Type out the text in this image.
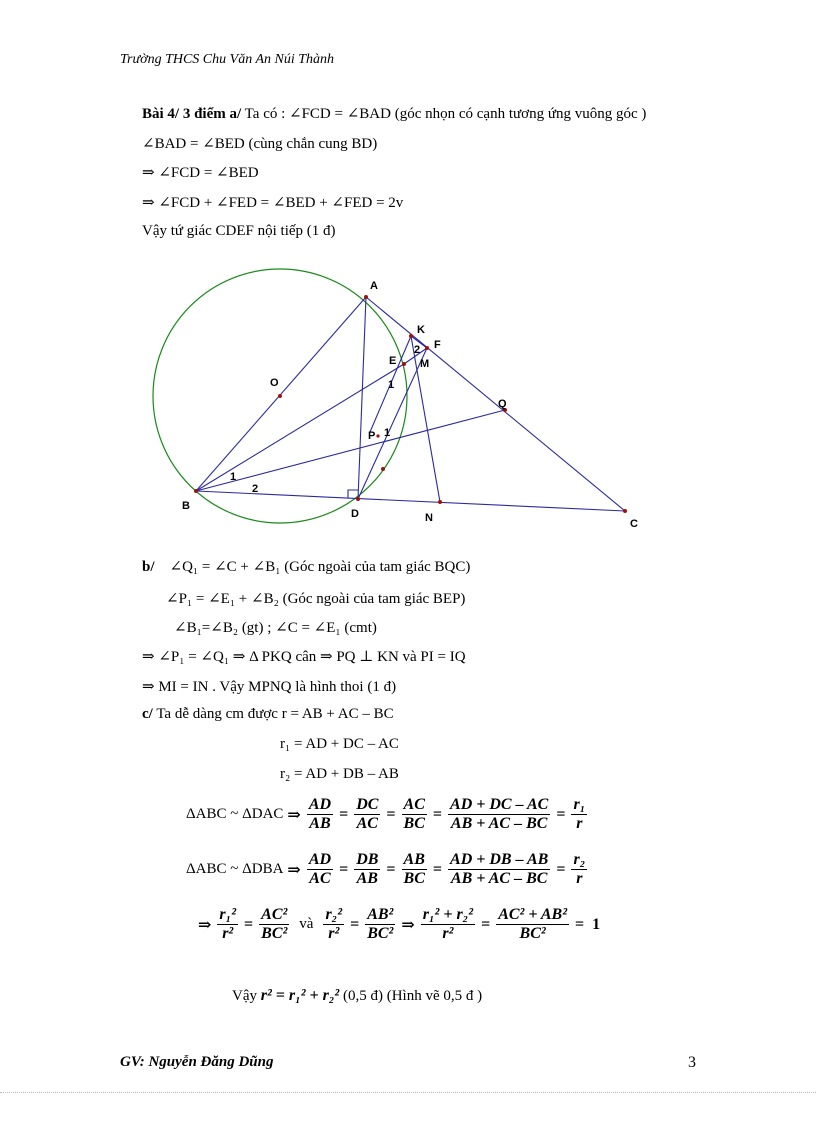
Trường THCS Chu Văn An Núi Thành
Bài 4/ 3 điểm a/ Ta có : ∠FCD = ∠BAD (góc nhọn có cạnh tương ứng vuông góc )
∠BAD = ∠BED (cùng chắn cung BD)
⇒ ∠FCD = ∠BED
⇒ ∠FCD + ∠FED = ∠BED + ∠FED = 2v
Vậy tứ giác CDEF nội tiếp (1 đ)
A
K
F
E M
O
Q
P
B
D	N	C
1
2
1
1
2
b/ ∠Q₁ = ∠C + ∠B₁ (Góc ngoài của tam giác BQC)
∠P₁ = ∠E₁ + ∠B₂ (Góc ngoài của tam giác BEP)
∠B₁=∠B₂ (gt) ; ∠C = ∠E₁ (cmt)
⇒ ∠P₁ = ∠Q₁ ⇒ Δ PKQ cân ⇒ PQ ⊥ KN và PI = IQ
⇒ MI = IN . Vậy MPNQ là hình thoi (1 đ)
c/ Ta dễ dàng cm được r = AB + AC – BC
r₁ = AD + DC – AC
r₂ = AD + DB – AB
ΔABC ~ ΔDAC ⇒ $\frac{AD}{AB} = \frac{DC}{AC} = \frac{AC}{BC} = \frac{AD + DC - AC}{AB + AC - BC} = \frac{\text{r₁}}{r}$
ΔABC ~ ΔDBA ⇒ $\frac{AD}{AC} = \frac{DB}{AB} = \frac{AB}{BC} = \frac{AD + DB - AB}{AB + AC - BC} = \frac{\text{r₂}}{r}$
⇒ $\frac{\text{r₁²}}{\text{r²}} = \frac{\text{AC²}}{\text{BC²}}$ và $\frac{\text{r₂²}}{\text{r²}} = \frac{\text{AB²}}{\text{BC²}}$ ⇒ $\frac{\text{r₁² + r₂²}}{\text{r²}} = \frac{\text{AC² + AB²}}{\text{BC²}} = 1$
Vậy r² = r₁² + r₂² (0,5 đ) (Hình vẽ 0,5 đ )
GV: Nguyễn Đăng Dũng	3
